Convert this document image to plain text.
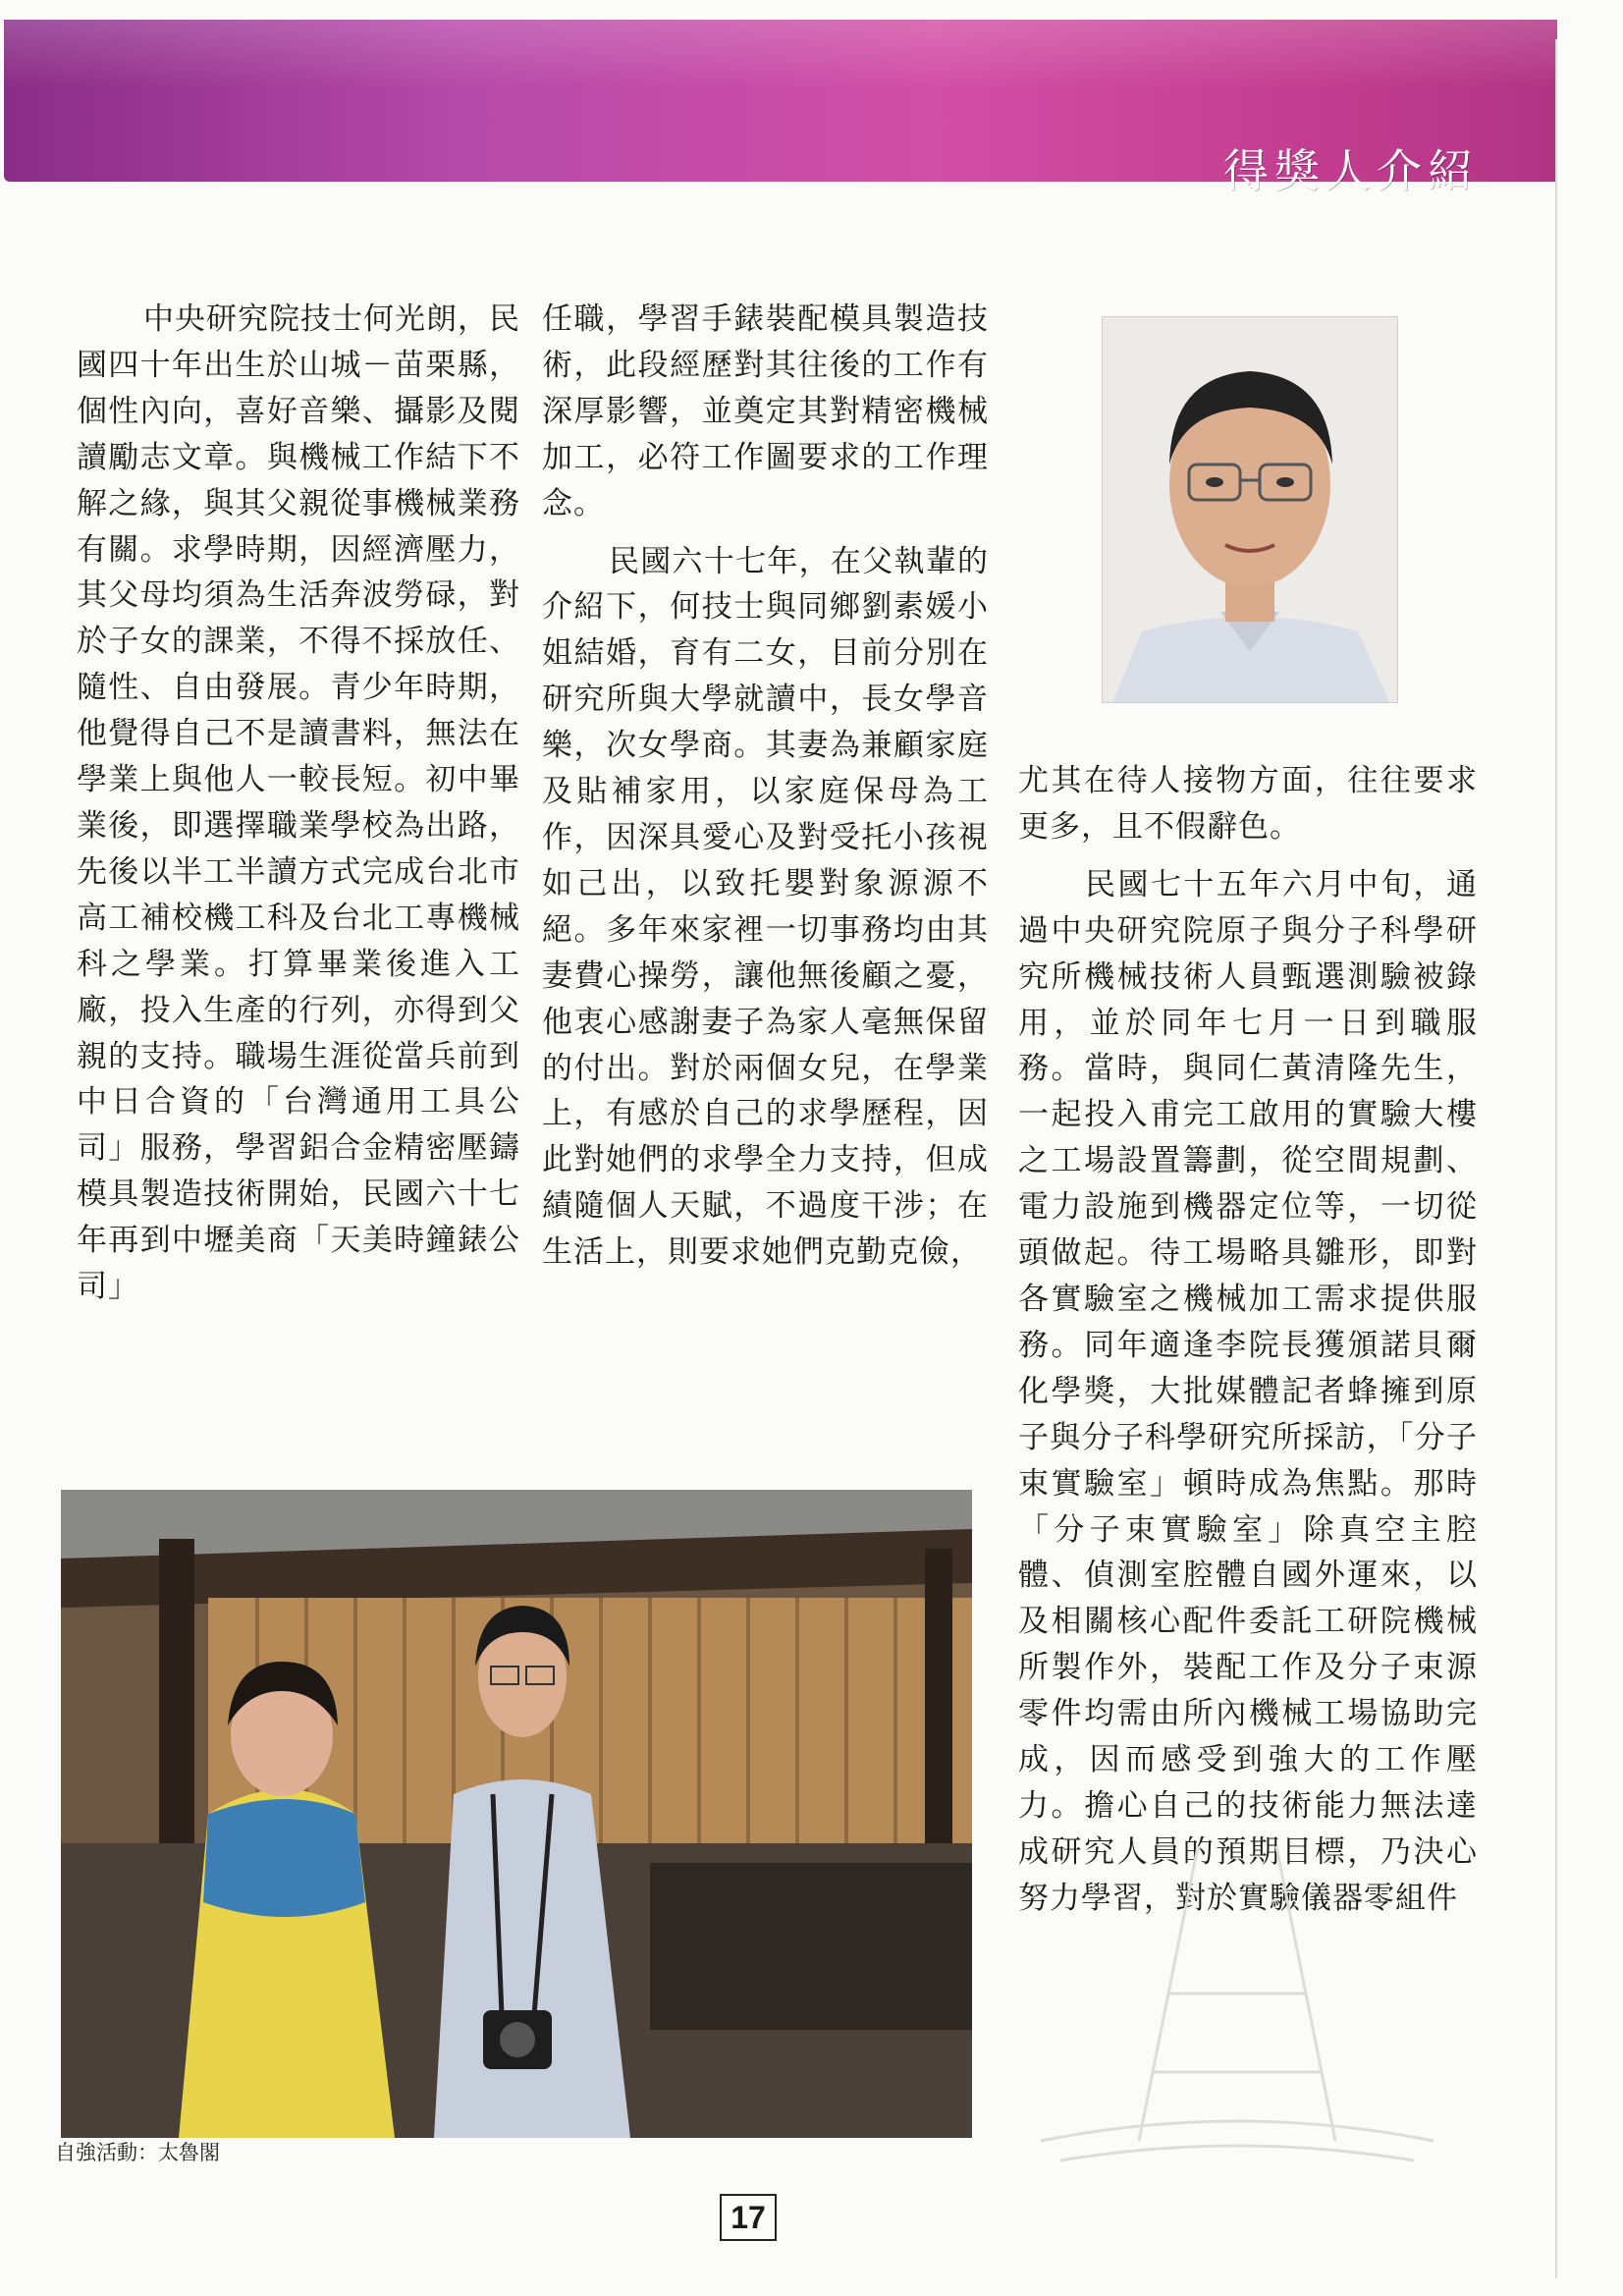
得獎人介紹

中央研究院技士何光朗，民國四十年出生於山城－苗栗縣，個性內向，喜好音樂、攝影及閱讀勵志文章。與機械工作結下不解之緣，與其父親從事機械業務有關。求學時期，因經濟壓力，其父母均須為生活奔波勞碌，對於子女的課業，不得不採放任、隨性、自由發展。青少年時期，他覺得自己不是讀書料，無法在學業上與他人一較長短。初中畢業後，即選擇職業學校為出路，先後以半工半讀方式完成台北市高工補校機工科及台北工專機械科之學業。打算畢業後進入工廠，投入生產的行列，亦得到父親的支持。職場生涯從當兵前到中日合資的「台灣通用工具公司」服務，學習鋁合金精密壓鑄模具製造技術開始，民國六十七年再到中壢美商「天美時鐘錶公司」

任職，學習手錶裝配模具製造技術，此段經歷對其往後的工作有深厚影響，並奠定其對精密機械加工，必符工作圖要求的工作理念。

民國六十七年，在父執輩的介紹下，何技士與同鄉劉素媛小姐結婚，育有二女，目前分別在研究所與大學就讀中，長女學音樂，次女學商。其妻為兼顧家庭及貼補家用，以家庭保母為工作，因深具愛心及對受托小孩視如己出，以致托嬰對象源源不絕。多年來家裡一切事務均由其妻費心操勞，讓他無後顧之憂，他衷心感謝妻子為家人毫無保留的付出。對於兩個女兒，在學業上，有感於自己的求學歷程，因此對她們的求學全力支持，但成績隨個人天賦，不過度干涉；在生活上，則要求她們克勤克儉，

尤其在待人接物方面，往往要求更多，且不假辭色。

民國七十五年六月中旬，通過中央研究院原子與分子科學研究所機械技術人員甄選測驗被錄用，並於同年七月一日到職服務。當時，與同仁黃清隆先生，一起投入甫完工啟用的實驗大樓之工場設置籌劃，從空間規劃、電力設施到機器定位等，一切從頭做起。待工場略具雛形，即對各實驗室之機械加工需求提供服務。同年適逢李院長獲頒諾貝爾化學獎，大批媒體記者蜂擁到原子與分子科學研究所採訪，「分子束實驗室」頓時成為焦點。那時「分子束實驗室」除真空主腔體、偵測室腔體自國外運來，以及相關核心配件委託工研院機械所製作外，裝配工作及分子束源零件均需由所內機械工場協助完成，因而感受到強大的工作壓力。擔心自己的技術能力無法達成研究人員的預期目標，乃決心努力學習，對於實驗儀器零組件

自強活動：太魯閣
17
